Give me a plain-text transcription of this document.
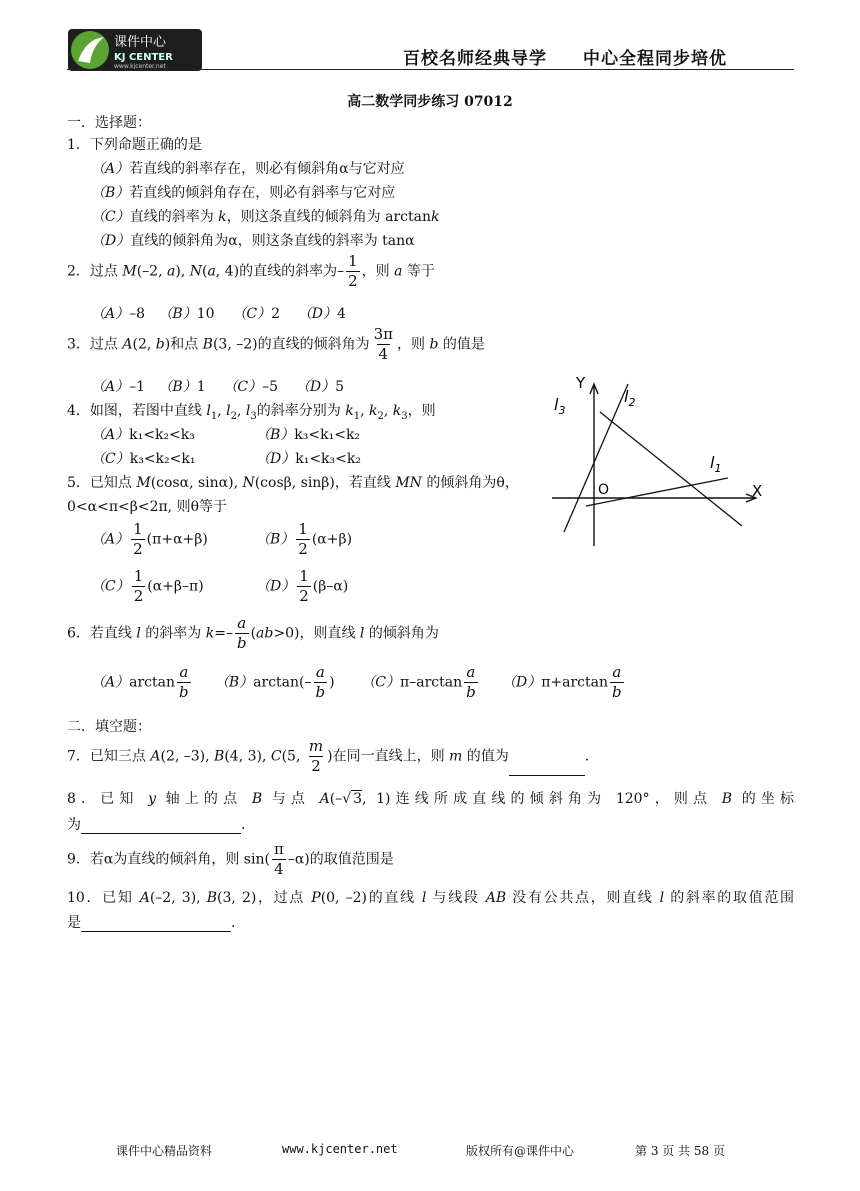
课件中心
KJ CENTER
www.kjcenter.net	百校名师经典导学　　中心全程同步培优
高二数学同步练习 07012
一．选择题：
1．下列命题正确的是
（A）若直线的斜率存在，则必有倾斜角α与它对应
（B）若直线的倾斜角存在，则必有斜率与它对应
（C）直线的斜率为 k，则这条直线的倾斜角为 arctank
（D）直线的倾斜角为α，则这条直线的斜率为 tanα
2．过点 M(–2, a), N(a, 4)的直线的斜率为– $\frac{1}{2}$ ，则 a 等于
（A）–8 （B）10 （C）2 （D）4
3．过点 A(2, b)和点 B(3, –2)的直线的倾斜角为 $\frac{3\pi}{4}$ ，则 b 的值是
（A）–1 （B）1 （C）–5 （D）5
4．如图，若图中直线 $l_1$, $l_2$, $l_3$的斜率分别为 $k_1$, $k_2$, $k_3$，则
（A）k₁<k₂<k₃	（B）k₃<k₁<k₂
（C）k₃<k₂<k₁	（D）k₁<k₃<k₂
Y
X
O
$l_3$
$l_2$
$l_1$
5．已知点 M(cosα, sinα), N(cosβ, sinβ)，若直线 MN 的倾斜角为θ，
0<α<π<β<2π, 则θ等于
$(A) \frac{1}{2} (\pi+\alpha+\beta)$	$(B) \frac{1}{2} (\alpha+\beta)$
$(C) \frac{1}{2} (\alpha+\beta-\pi)$	$(D) \frac{1}{2} (\beta-\alpha)$
6．若直线 l 的斜率为 $k=- \frac{a}{b} (ab>0)$，则直线 l 的倾斜角为
$(A)\arctan \frac{a}{b} (B)\arctan(- \frac{a}{b}$ ) $(C)\pi-\arctan \frac{a}{b} (D)\pi+\arctan \frac{a}{b}$
二．填空题：
7．已知三点 A(2, –3), B(4, 3), C(5, $\frac{m}{2}$ )在同一直线上，则 m 的值为	.
8．已知 y 轴上的点 B 与点 A(–√ 3, 1)连线所成直线的倾斜角为 120°，则点 B 的坐标
为	.
9．若α为直线的倾斜角，则 $\sin( \frac{\pi}{4} -\alpha)$的取值范围是
10．已知 A(–2, 3), B(3, 2)，过点 P(0, –2)的直线 l 与线段 AB 没有公共点，则直线 l 的斜率的取值范围
是	.
课件中心精品资料	www.kjcenter.net	版权所有@课件中心	第 3 页 共 58 页
